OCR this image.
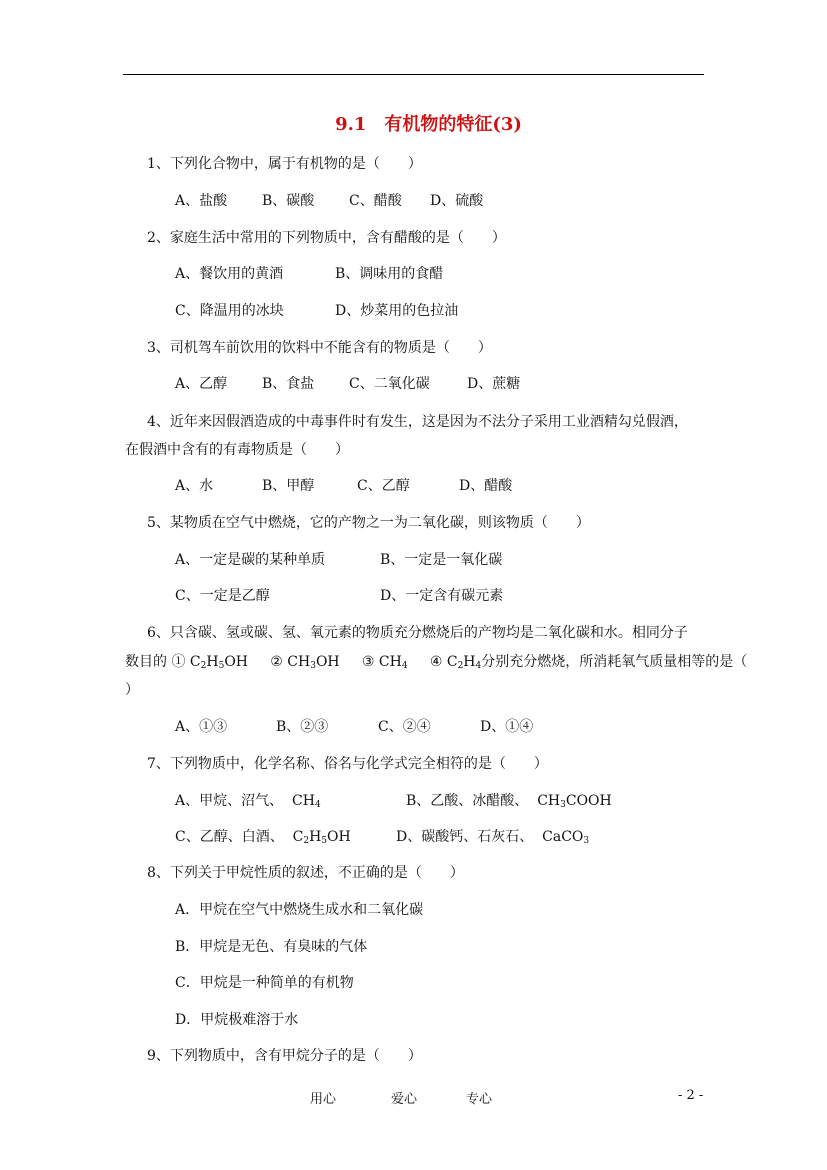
9.1　有机物的特征(3)
1、下列化合物中，属于有机物的是（　　）
A、盐酸 B、碳酸 C、醋酸 D、硫酸
2、家庭生活中常用的下列物质中，含有醋酸的是（　　）
A、餐饮用的黄酒	B、调味用的食醋
C、降温用的冰块	D、炒菜用的色拉油
3、司机驾车前饮用的饮料中不能含有的物质是（　　）
A、乙醇 B、食盐 C、二氧化碳	D、蔗糖
4、近年来因假酒造成的中毒事件时有发生，这是因为不法分子采用工业酒精勾兑假酒，
在假酒中含有的有毒物质是（　　）
A、水	B、甲醇	C、乙醇	D、醋酸
5、某物质在空气中燃烧，它的产物之一为二氧化碳，则该物质（　　）
A、一定是碳的某种单质	B、一定是一氧化碳
C、一定是乙醇	D、一定含有碳元素
6、只含碳、氢或碳、氢、氧元素的物质充分燃烧后的产物均是二氧化碳和水。相同分子
数目的 ① $C_2H_5OH$ ② $CH_3OH$ ③ $CH_4$ ④ $C_2H_4$分别充分燃烧，所消耗氧气质量相等的是（
）
A、①③	B、②③	C、②④	D、①④
7、下列物质中，化学名称、俗名与化学式完全相符的是（　　）
A、甲烷、沼气、 $CH_4$	B、乙酸、冰醋酸、 $CH_3COOH$
C、乙醇、白酒、 $C_2H_5OH$	D、碳酸钙、石灰石、 CaCO$_3$
8、下列关于甲烷性质的叙述，不正确的是（　　）
A．甲烷在空气中燃烧生成水和二氧化碳
B．甲烷是无色、有臭味的气体
C．甲烷是一种简单的有机物
D．甲烷极难溶于水
9、下列物质中，含有甲烷分子的是（　　）
用心	爱心	专心	- 2 -
